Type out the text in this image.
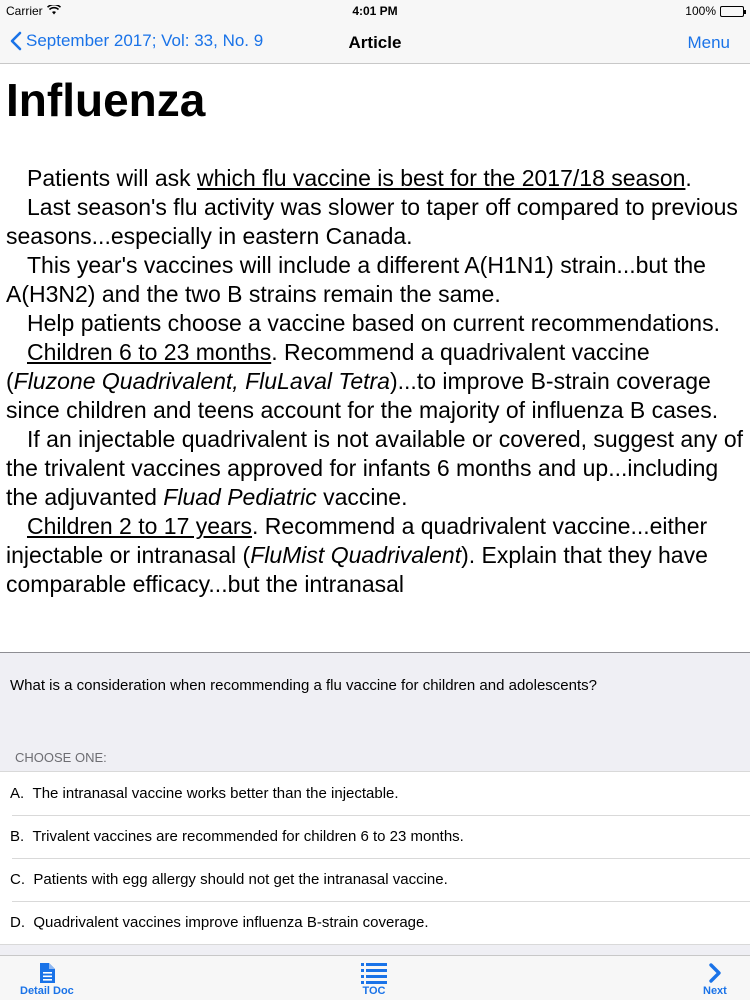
Carrier	4:01 PM	100%
September 2017; Vol: 33, No. 9	Article	Menu
Influenza

Patients will ask which flu vaccine is best for the 2017/18 season.

Last season's flu activity was slower to taper off compared to previous seasons...especially in eastern Canada.

This year's vaccines will include a different A(H1N1) strain...but the A(H3N2) and the two B strains remain the same.

Help patients choose a vaccine based on current recommendations.

Children 6 to 23 months. Recommend a quadrivalent vaccine (Fluzone Quadrivalent, FluLaval Tetra)...to improve B-strain coverage since children and teens account for the majority of influenza B cases.

If an injectable quadrivalent is not available or covered, suggest any of the trivalent vaccines approved for infants 6 months and up...including the adjuvanted Fluad Pediatric vaccine.

Children 2 to 17 years. Recommend a quadrivalent vaccine...either injectable or intranasal (FluMist Quadrivalent). Explain that they have comparable efficacy...but the intranasal

What is a consideration when recommending a flu vaccine for children and adolescents?
CHOOSE ONE:
A.
The intranasal vaccine works better than the injectable.
B.
Trivalent vaccines are recommended for children 6 to 23 months.
C.
Patients with egg allergy should not get the intranasal vaccine.
D.
Quadrivalent vaccines improve influenza B-strain coverage.
Detail Doc	TOC	Next
